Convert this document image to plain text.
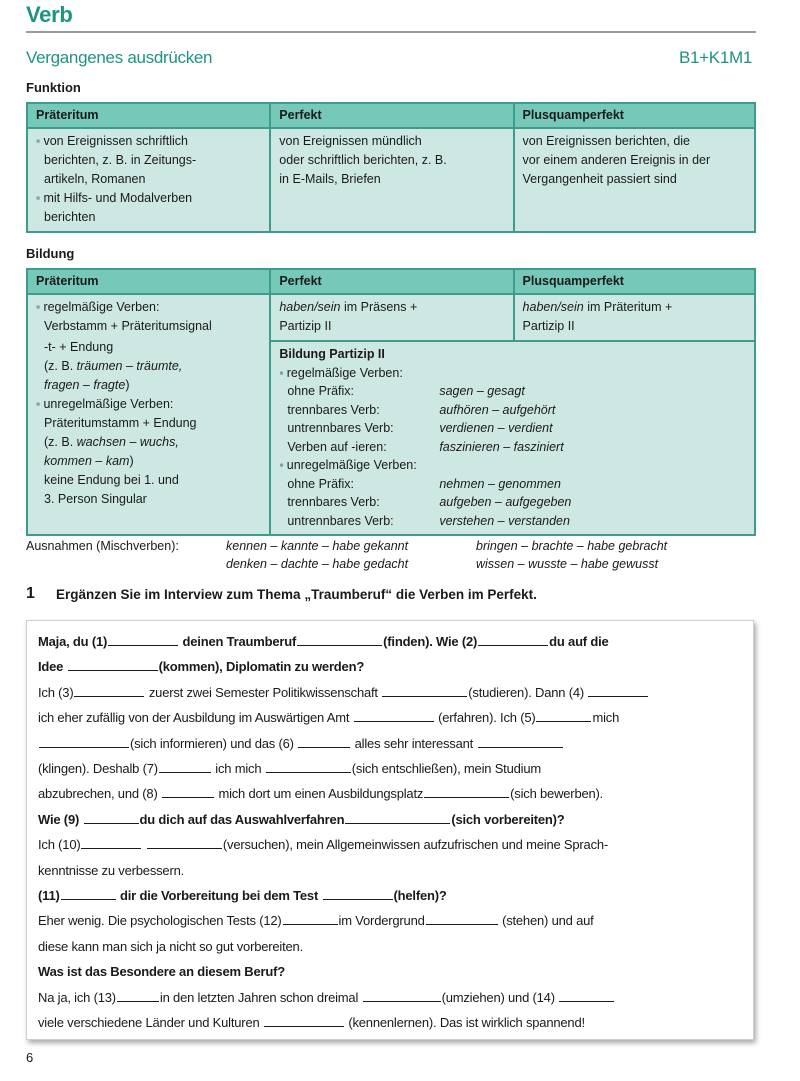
Verb
Vergangenes ausdrücken	B1+K1M1
Funktion
Präteritum	Perfekt	Plusquamperfekt

▪ von Ereignissen schriftlich
berichten, z. B. in Zeitungs-
artikeln, Romanen
▪ mit Hilfs- und Modalverben
berichten

von Ereignissen mündlich
oder schriftlich berichten, z. B.
in E-Mails, Briefen

von Ereignissen berichten, die
vor einem anderen Ereignis in der
Vergangenheit passiert sind
Bildung
Präteritum	Perfekt	Plusquamperfekt

▪ regelmäßige Verben:
Verbstamm + Präteritumsignal
-t- + Endung
(z. B. träumen – träumte,
fragen – fragte)
▪ unregelmäßige Verben:
Präteritumstamm + Endung
(z. B. wachsen – wuchs,
kommen – kam)
keine Endung bei 1. und
3. Person Singular

haben/sein im Präsens +
Partizip II

haben/sein im Präteritum +
Partizip II

Bildung Partizip II
▪ regelmäßige Verben:
ohne Präfix:	sagen – gesagt
trennbares Verb:	aufhören – aufgehört
untrennbares Verb:	verdienen – verdient
Verben auf -ieren:	faszinieren – fasziniert
▪ unregelmäßige Verben:
ohne Präfix:	nehmen – genommen
trennbares Verb:	aufgeben – aufgegeben
untrennbares Verb:	verstehen – verstanden
Ausnahmen (Mischverben):	kennen – kannte – habe gekannt	bringen – brachte – habe gebracht
denken – dachte – habe gedacht	wissen – wusste – habe gewusst
1 Ergänzen Sie im Interview zum Thema „Traumberuf“ die Verben im Perfekt.
Maja, du (1)	deinen Traumberuf	(finden). Wie (2)	du auf die
Idee	(kommen), Diplomatin zu werden?
Ich (3)	zuerst zwei Semester Politikwissenschaft	(studieren). Dann (4)
ich eher zufällig von der Ausbildung im Auswärtigen Amt	(erfahren). Ich (5)	mich
(sich informieren) und das (6)	alles sehr interessant
(klingen). Deshalb (7)	ich mich	(sich entschließen), mein Studium
abzubrechen, und (8)	mich dort um einen Ausbildungsplatz	(sich bewerben).
Wie (9)	du dich auf das Auswahlverfahren	(sich vorbereiten)?
Ich (10)	(versuchen), mein Allgemeinwissen aufzufrischen und meine Sprach-
kenntnisse zu verbessern.
(11)	dir die Vorbereitung bei dem Test	(helfen)?
Eher wenig. Die psychologischen Tests (12)	im Vordergrund	(stehen) und auf
diese kann man sich ja nicht so gut vorbereiten.
Was ist das Besondere an diesem Beruf?
Na ja, ich (13)	in den letzten Jahren schon dreimal	(umziehen) und (14)
viele verschiedene Länder und Kulturen	(kennenlernen). Das ist wirklich spannend!
6
